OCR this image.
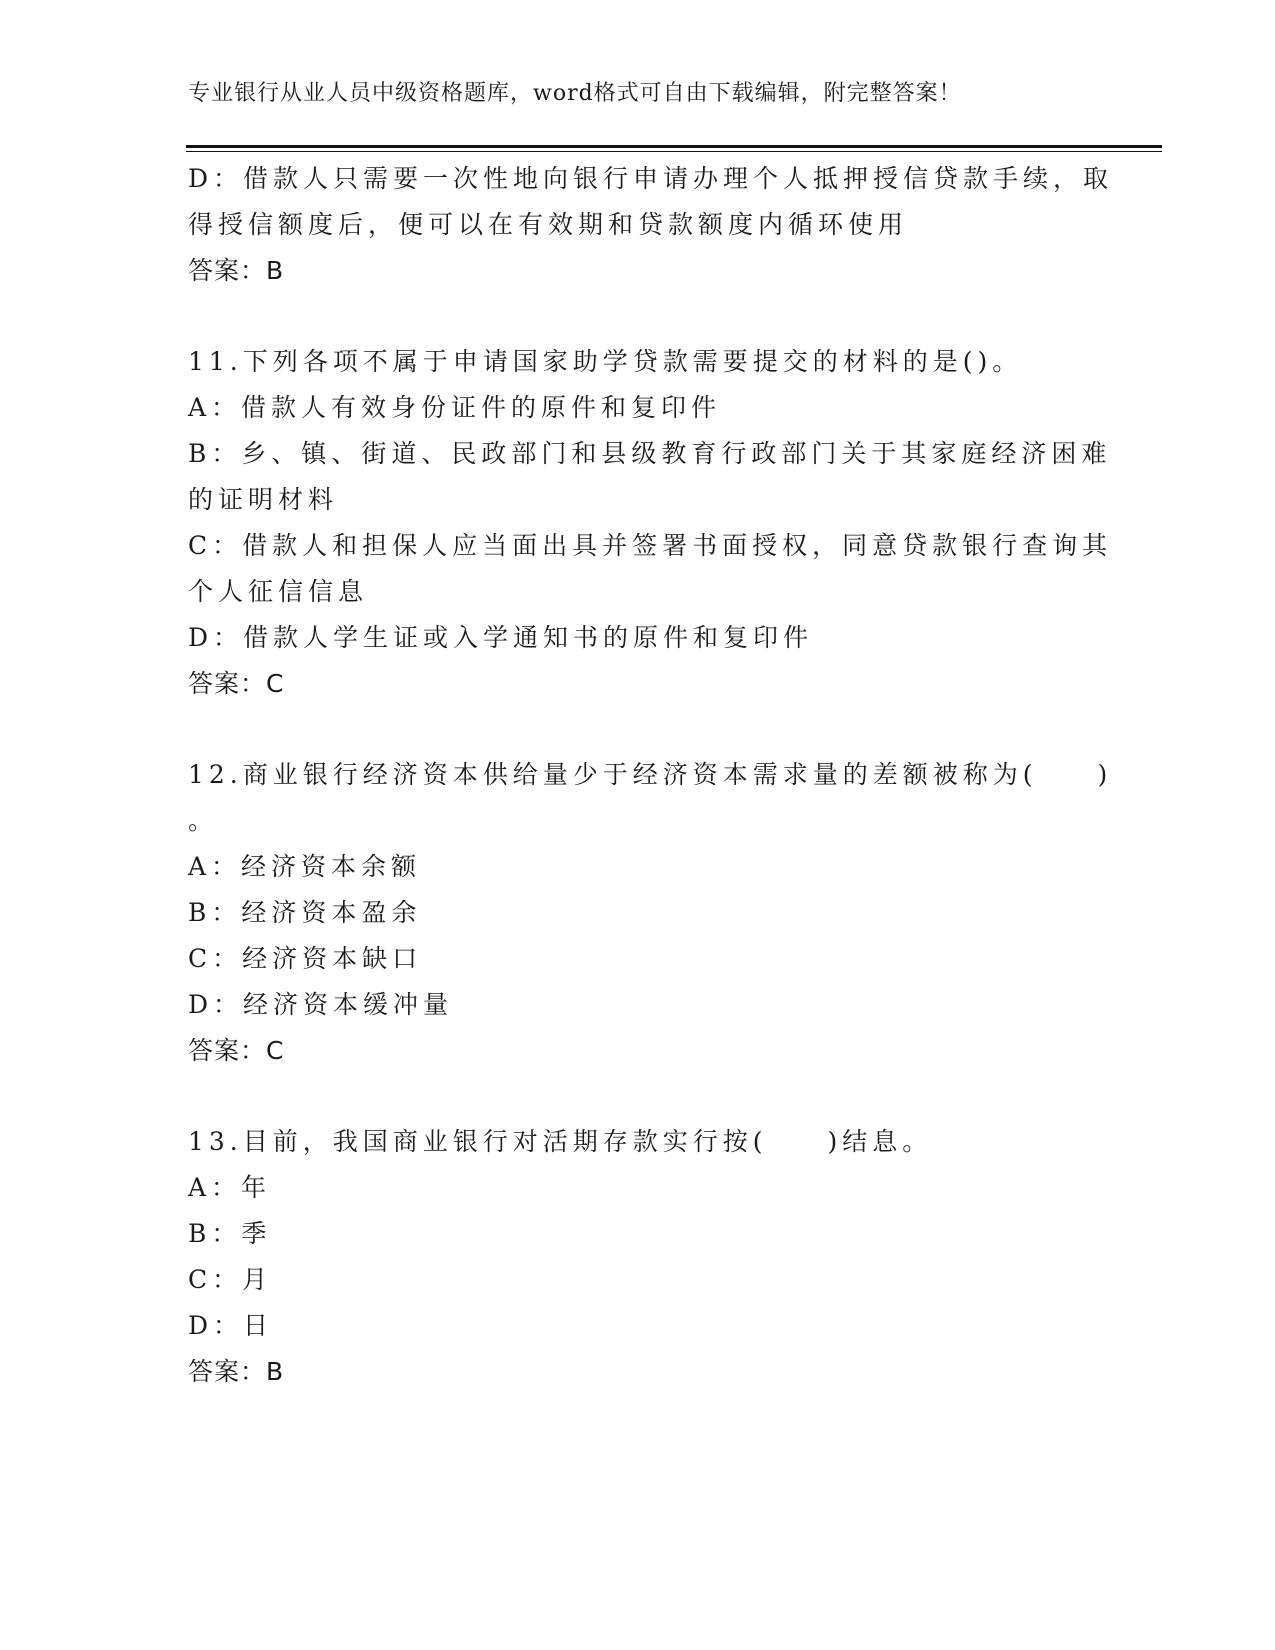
专业银行从业人员中级资格题库，word格式可自由下载编辑，附完整答案！
D：借款人只需要一次性地向银行申请办理个人抵押授信贷款手续，取
得授信额度后，便可以在有效期和贷款额度内循环使用
答案：B
11.下列各项不属于申请国家助学贷款需要提交的材料的是()。
A：借款人有效身份证件的原件和复印件
B：乡、镇、街道、民政部门和县级教育行政部门关于其家庭经济困难
的证明材料
C：借款人和担保人应当面出具并签署书面授权，同意贷款银行查询其
个人征信信息
D：借款人学生证或入学通知书的原件和复印件
答案：C
12.商业银行经济资本供给量少于经济资本需求量的差额被称为(　　)
。
A：经济资本余额
B：经济资本盈余
C：经济资本缺口
D：经济资本缓冲量
答案：C
13.目前，我国商业银行对活期存款实行按(　　)结息。
A：年
B：季
C：月
D：日
答案：B
